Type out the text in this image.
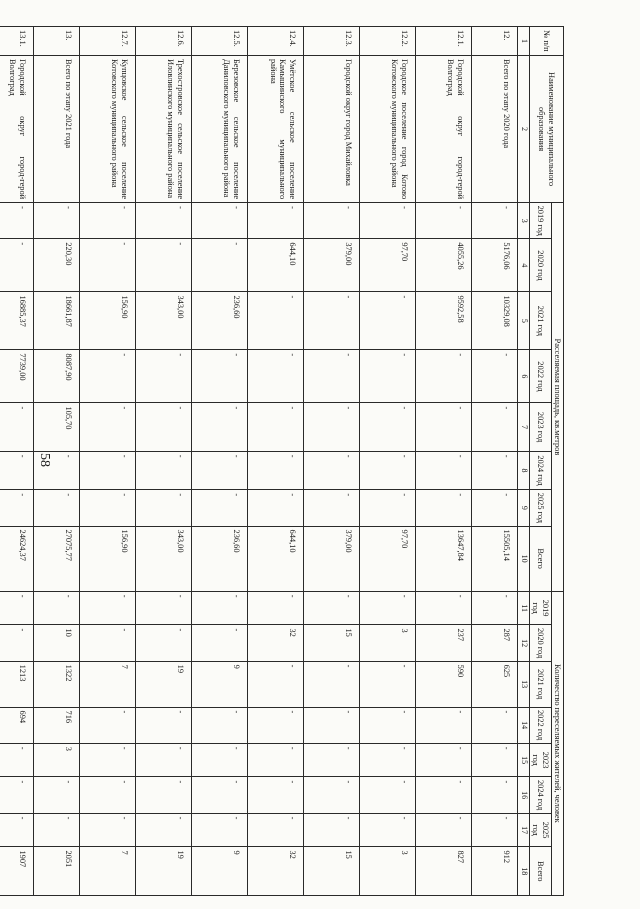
58
№ п/п	Наименование муниципального образования	Расселяемая площадь, кв.метров								Количество переселяемых жителей, человек							
		2019 год	2020 год	2021 год	2022 год	2023 год	2024 год	2025 год	Всего	2019 год	2020 год	2021 год	2022 год	2023 год	2024 год	2025 год	Всего
1	2	3	4	5	6	7	8	9	10	11	12	13	14	15	16	17	18
12.	Всего по этапу 2020 года	-	5176,06	10329,08	-	-	-	-	15505,14	-	287	625	-	-	-	-	912
12.1.	Городской округ город-герой Волгоград	-	4055,26	9592,58	-	-	-	-	13647,84	-	237	590	-	-	-	-	827
12.2.	Городское поселение город Котово Котовского муниципального района	-	97,70	-	-	-	-	-	97,70	-	3	-	-	-	-	-	3
12.3.	Городской округ город Михайловка	-	379,00	-	-	-	-	-	379,00	-	15	-	-	-	-	-	15
12.4.	Умётское сельское поселение Камышинского муниципального района	-	644,10	-	-	-	-	-	644,10	-	32	-	-	-	-	-	32
12.5.	Березовское сельское поселение Даниловского муниципального района	-	-	236,60	-	-	-	-	236,60	-	-	9	-	-	-	-	9
12.6.	Трехостровское сельское поселение Иловлинского муниципального района	-	-	343,00	-	-	-	-	343,00	-	-	19	-	-	-	-	19
12.7.	Купцовское сельское поселение Котовского муниципального района	-	-	156,90	-	-	-	-	156,90	-	-	7	-	-	-	-	7
13.	Всего по этапу 2021 года	-	220,30	18661,87	8087,90	105,70	-	-	27075,77	-	10	1322	716	3	-	-	2051
13.1.	Городской округ город-герой Волгоград	-	-	16885,37	7739,00	-	-	-	24624,37	-	-	1213	694	-	-	-	1907
